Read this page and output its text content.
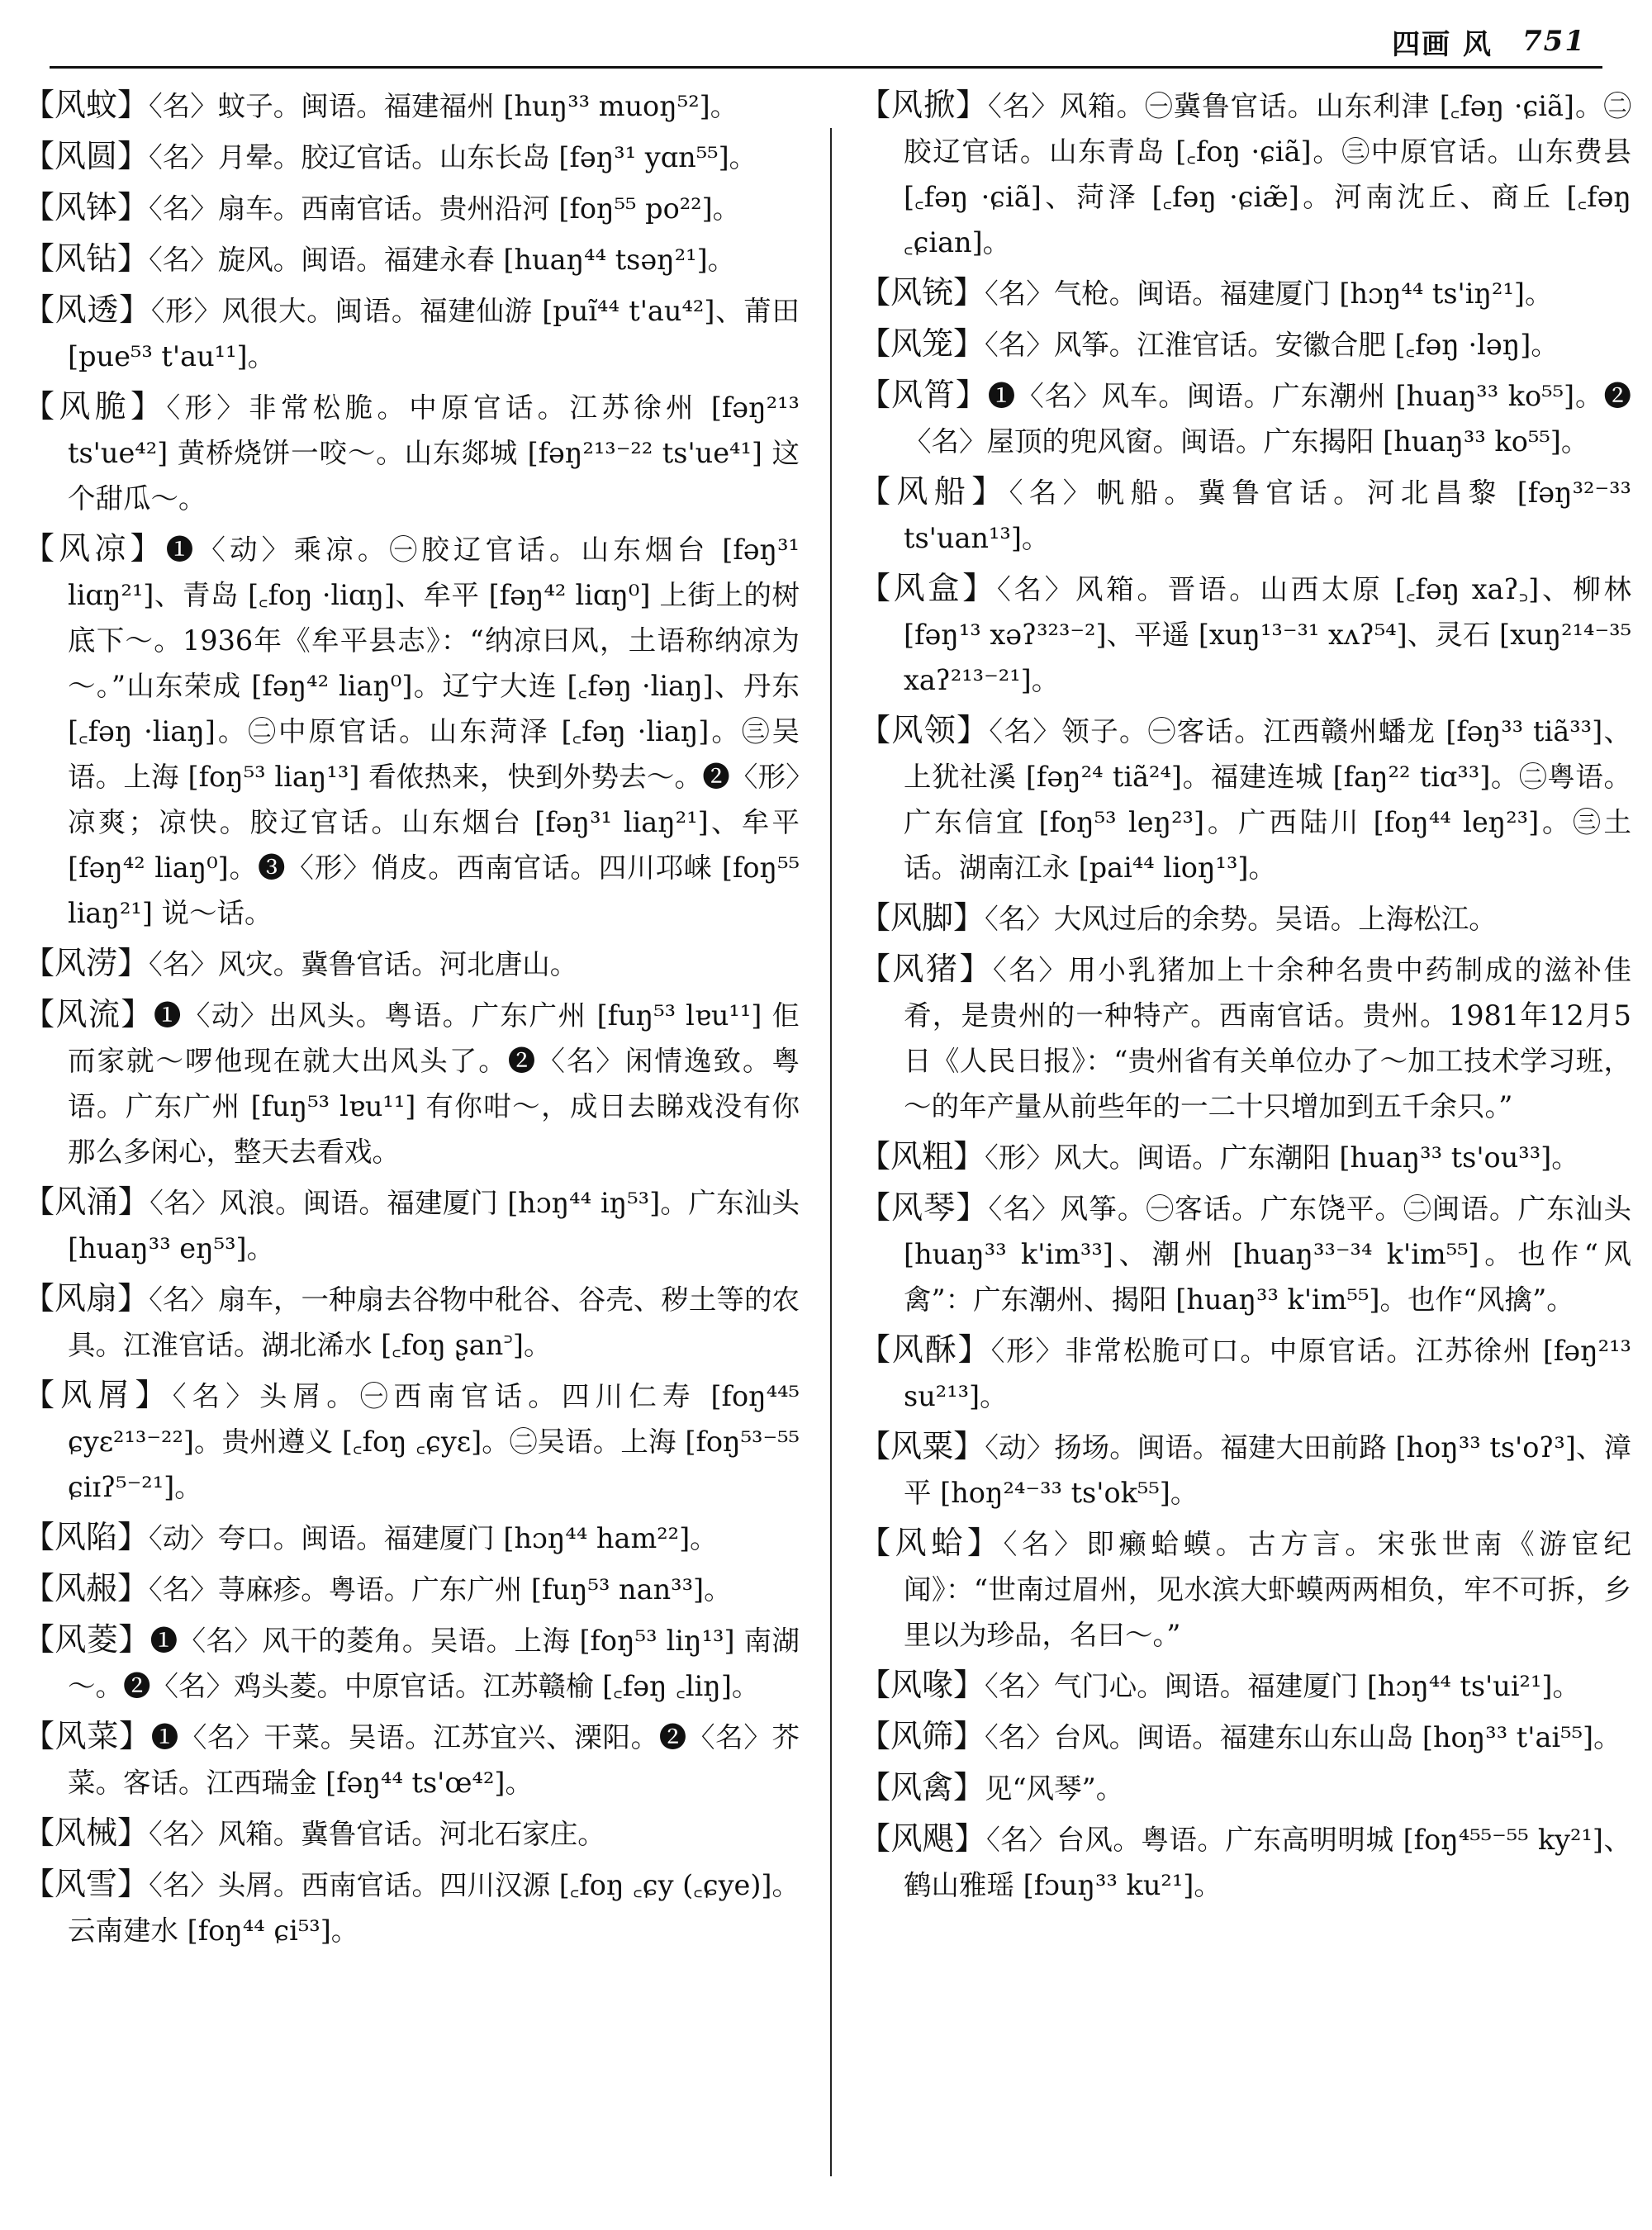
四画 风 751

【风蚊】〈名〉蚊子。闽语。福建福州 [huŋ³³ muoŋ⁵²]。

【风圆】〈名〉月晕。胶辽官话。山东长岛 [fəŋ³¹ yɑn⁵⁵]。

【风钵】〈名〉扇车。西南官话。贵州沿河 [foŋ⁵⁵ po²²]。

【风钻】〈名〉旋风。闽语。福建永春 [huaŋ⁴⁴ tsəŋ²¹]。

【风透】〈形〉风很大。闽语。福建仙游 [puĩ⁴⁴ t'au⁴²]、莆田 [pue⁵³ t'au¹¹]。

【风脆】〈形〉非常松脆。中原官话。江苏徐州 [fəŋ²¹³ ts'ue⁴²] 黄桥烧饼一咬～。山东郯城 [fəŋ²¹³⁻²² ts'ue⁴¹] 这个甜瓜～。

【风凉】❶〈动〉乘凉。㊀胶辽官话。山东烟台 [fəŋ³¹ liɑŋ²¹]、青岛 [꜀foŋ ·liɑŋ]、牟平 [fəŋ⁴² liɑŋ⁰] 上街上的树底下～。1936年《牟平县志》：“纳凉曰风，土语称纳凉为～。”山东荣成 [fəŋ⁴² liaŋ⁰]。辽宁大连 [꜀fəŋ ·liaŋ]、丹东 [꜀fəŋ ·liaŋ]。㊁中原官话。山东菏泽 [꜀fəŋ ·liaŋ]。㊂吴语。上海 [foŋ⁵³ liaŋ¹³] 看侬热来，快到外势去～。❷〈形〉凉爽；凉快。胶辽官话。山东烟台 [fəŋ³¹ liaŋ²¹]、牟平 [fəŋ⁴² liaŋ⁰]。❸〈形〉俏皮。西南官话。四川邛崃 [foŋ⁵⁵ liaŋ²¹] 说～话。

【风涝】〈名〉风灾。冀鲁官话。河北唐山。

【风流】❶〈动〉出风头。粤语。广东广州 [fuŋ⁵³ lɐu¹¹] 佢而家就～啰他现在就大出风头了。❷〈名〉闲情逸致。粤语。广东广州 [fuŋ⁵³ lɐu¹¹] 有你咁～，成日去睇戏没有你那么多闲心，整天去看戏。

【风涌】〈名〉风浪。闽语。福建厦门 [hɔŋ⁴⁴ iŋ⁵³]。广东汕头 [huaŋ³³ eŋ⁵³]。

【风扇】〈名〉扇车，一种扇去谷物中秕谷、谷壳、秽土等的农具。江淮官话。湖北浠水 [꜀foŋ ʂan꜄]。

【风屑】〈名〉头屑。㊀西南官话。四川仁寿 [foŋ⁴⁴⁵ ɕyɛ²¹³⁻²²]。贵州遵义 [꜀foŋ ꜀ɕyɛ]。㊁吴语。上海 [foŋ⁵³⁻⁵⁵ ɕiɪʔ⁵⁻²¹]。

【风陷】〈动〉夸口。闽语。福建厦门 [hɔŋ⁴⁴ ham²²]。

【风赧】〈名〉荨麻疹。粤语。广东广州 [fuŋ⁵³ nan³³]。

【风菱】❶〈名〉风干的菱角。吴语。上海 [foŋ⁵³ liŋ¹³] 南湖～。❷〈名〉鸡头菱。中原官话。江苏赣榆 [꜀fəŋ ꜀liŋ]。

【风菜】❶〈名〉干菜。吴语。江苏宜兴、溧阳。❷〈名〉芥菜。客话。江西瑞金 [fəŋ⁴⁴ ts'œ⁴²]。

【风械】〈名〉风箱。冀鲁官话。河北石家庄。

【风雪】〈名〉头屑。西南官话。四川汉源 [꜀foŋ ꜀ɕy (꜀ɕye)]。云南建水 [foŋ⁴⁴ ɕi⁵³]。

【风掀】〈名〉风箱。㊀冀鲁官话。山东利津 [꜀fəŋ ·ɕiã]。㊁胶辽官话。山东青岛 [꜀foŋ ·ɕiã]。㊂中原官话。山东费县 [꜀fəŋ ·ɕiã]、菏泽 [꜀fəŋ ·ɕiæ̃]。河南沈丘、商丘 [꜀fəŋ ꜀ɕian]。

【风铳】〈名〉气枪。闽语。福建厦门 [hɔŋ⁴⁴ ts'iŋ²¹]。

【风笼】〈名〉风筝。江淮官话。安徽合肥 [꜀fəŋ ·ləŋ]。

【风筲】❶〈名〉风车。闽语。广东潮州 [huaŋ³³ ko⁵⁵]。❷〈名〉屋顶的兜风窗。闽语。广东揭阳 [huaŋ³³ ko⁵⁵]。

【风船】〈名〉帆船。冀鲁官话。河北昌黎 [fəŋ³²⁻³³ ts'uan¹³]。

【风盒】〈名〉风箱。晋语。山西太原 [꜀fəŋ xaʔ꜆]、柳林 [fəŋ¹³ xəʔ³²³⁻²]、平遥 [xuŋ¹³⁻³¹ xʌʔ⁵⁴]、灵石 [xuŋ²¹⁴⁻³⁵ xaʔ²¹³⁻²¹]。

【风领】〈名〉领子。㊀客话。江西赣州蟠龙 [fəŋ³³ tiã³³]、上犹社溪 [fəŋ²⁴ tiã²⁴]。福建连城 [faŋ²² tiɑ³³]。㊁粤语。广东信宜 [foŋ⁵³ leŋ²³]。广西陆川 [foŋ⁴⁴ leŋ²³]。㊂土话。湖南江永 [pai⁴⁴ lioŋ¹³]。

【风脚】〈名〉大风过后的余势。吴语。上海松江。

【风猪】〈名〉用小乳猪加上十余种名贵中药制成的滋补佳肴，是贵州的一种特产。西南官话。贵州。1981年12月5日《人民日报》：“贵州省有关单位办了～加工技术学习班，～的年产量从前些年的一二十只增加到五千余只。”

【风粗】〈形〉风大。闽语。广东潮阳 [huaŋ³³ ts'ou³³]。

【风琴】〈名〉风筝。㊀客话。广东饶平。㊁闽语。广东汕头 [huaŋ³³ k'im³³]、潮州 [huaŋ³³⁻³⁴ k'im⁵⁵]。也作“风禽”：广东潮州、揭阳 [huaŋ³³ k'im⁵⁵]。也作“风擒”。

【风酥】〈形〉非常松脆可口。中原官话。江苏徐州 [fəŋ²¹³ su²¹³]。

【风粟】〈动〉扬场。闽语。福建大田前路 [hoŋ³³ ts'oʔ³]、漳平 [hoŋ²⁴⁻³³ ts'ok⁵⁵]。

【风蛤】〈名〉即癞蛤蟆。古方言。宋张世南《游宦纪闻》：“世南过眉州，见水滨大虾蟆两两相负，牢不可拆，乡里以为珍品，名曰～。”

【风喙】〈名〉气门心。闽语。福建厦门 [hɔŋ⁴⁴ ts'ui²¹]。

【风筛】〈名〉台风。闽语。福建东山东山岛 [hoŋ³³ t'ai⁵⁵]。

【风禽】见“风琴”。

【风飓】〈名〉台风。粤语。广东高明明城 [foŋ⁴⁵⁵⁻⁵⁵ ky²¹]、鹤山雅瑶 [fɔuŋ³³ ku²¹]。
